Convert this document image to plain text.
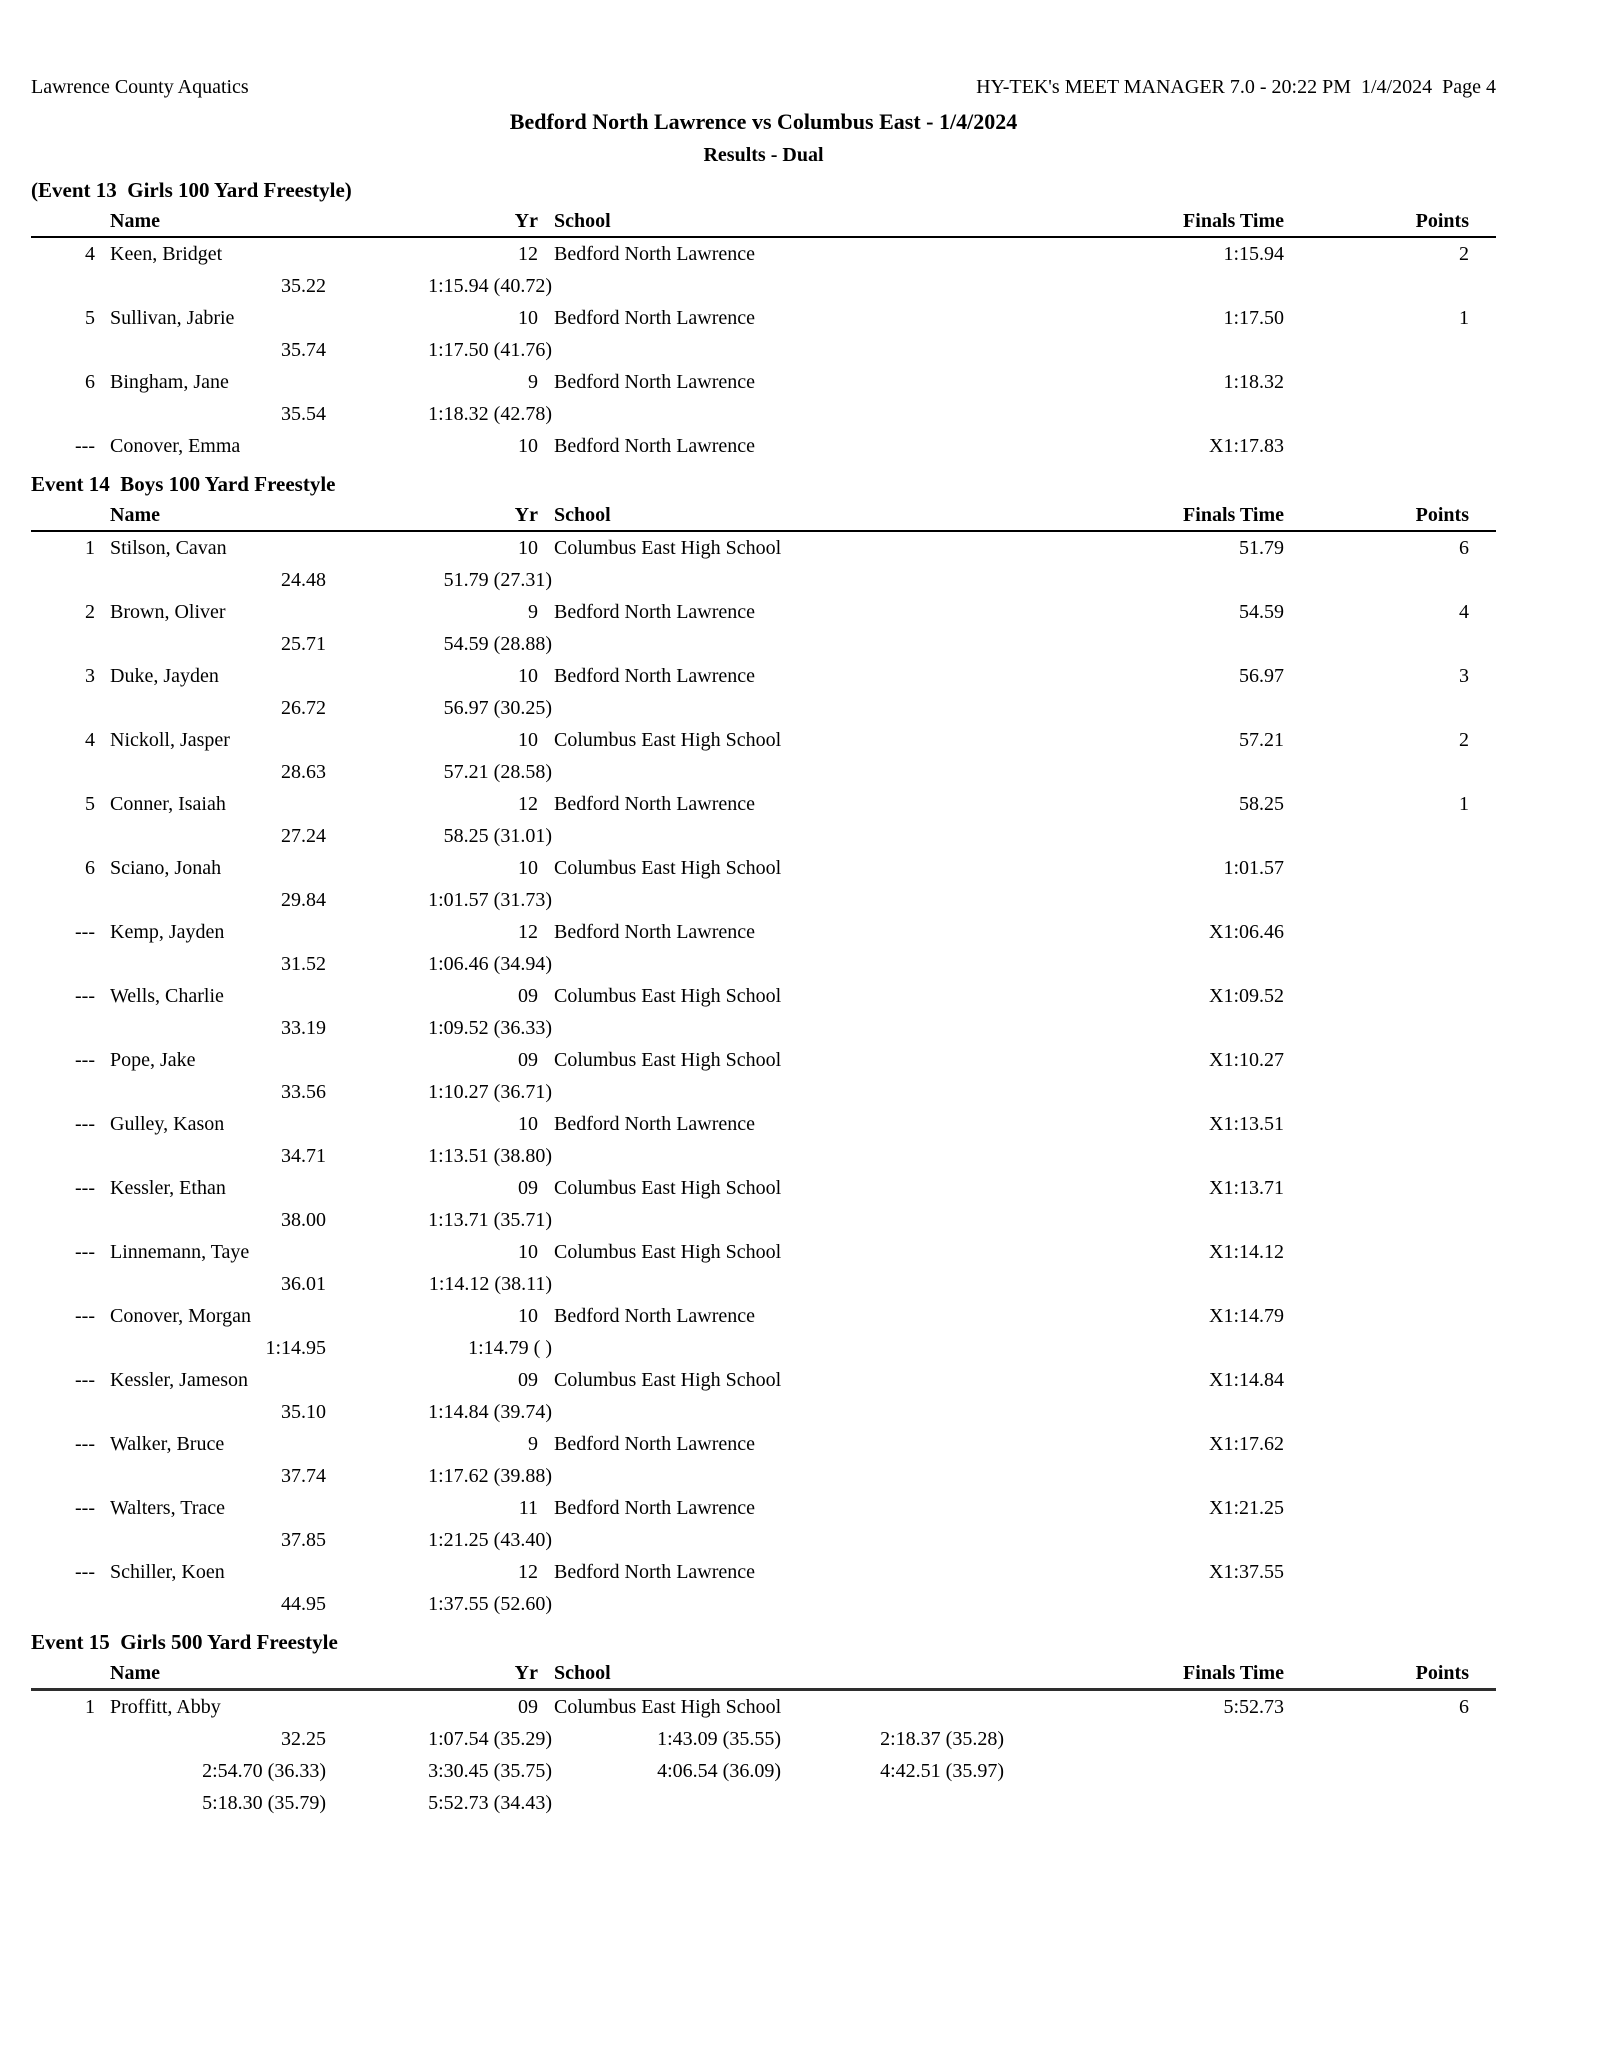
Lawrence County Aquatics	HY-TEK's MEET MANAGER 7.0 - 20:22 PM  1/4/2024  Page 4
Bedford North Lawrence vs Columbus East - 1/4/2024
Results - Dual
(Event 13  Girls 100 Yard Freestyle)
Name	Yr School	Finals Time	Points
4 Keen, Bridget	12 Bedford North Lawrence	1:15.94	2
35.22	1:15.94 (40.72)
5 Sullivan, Jabrie	10 Bedford North Lawrence	1:17.50	1
35.74	1:17.50 (41.76)
6 Bingham, Jane	9 Bedford North Lawrence	1:18.32
35.54	1:18.32 (42.78)
--- Conover, Emma	10 Bedford North Lawrence	X1:17.83
Event 14  Boys 100 Yard Freestyle
Name	Yr School	Finals Time	Points
1 Stilson, Cavan	10 Columbus East High School	51.79	6
24.48	51.79 (27.31)
2 Brown, Oliver	9 Bedford North Lawrence	54.59	4
25.71	54.59 (28.88)
3 Duke, Jayden	10 Bedford North Lawrence	56.97	3
26.72	56.97 (30.25)
4 Nickoll, Jasper	10 Columbus East High School	57.21	2
28.63	57.21 (28.58)
5 Conner, Isaiah	12 Bedford North Lawrence	58.25	1
27.24	58.25 (31.01)
6 Sciano, Jonah	10 Columbus East High School	1:01.57
29.84	1:01.57 (31.73)
--- Kemp, Jayden	12 Bedford North Lawrence	X1:06.46
31.52	1:06.46 (34.94)
--- Wells, Charlie	09 Columbus East High School	X1:09.52
33.19	1:09.52 (36.33)
--- Pope, Jake	09 Columbus East High School	X1:10.27
33.56	1:10.27 (36.71)
--- Gulley, Kason	10 Bedford North Lawrence	X1:13.51
34.71	1:13.51 (38.80)
--- Kessler, Ethan	09 Columbus East High School	X1:13.71
38.00	1:13.71 (35.71)
--- Linnemann, Taye	10 Columbus East High School	X1:14.12
36.01	1:14.12 (38.11)
--- Conover, Morgan	10 Bedford North Lawrence	X1:14.79
1:14.95	1:14.79 ( )
--- Kessler, Jameson	09 Columbus East High School	X1:14.84
35.10	1:14.84 (39.74)
--- Walker, Bruce	9 Bedford North Lawrence	X1:17.62
37.74	1:17.62 (39.88)
--- Walters, Trace	11 Bedford North Lawrence	X1:21.25
37.85	1:21.25 (43.40)
--- Schiller, Koen	12 Bedford North Lawrence	X1:37.55
44.95	1:37.55 (52.60)
Event 15  Girls 500 Yard Freestyle
Name	Yr School	Finals Time	Points
1 Proffitt, Abby	09 Columbus East High School	5:52.73	6
32.25	1:07.54 (35.29)	1:43.09 (35.55)	2:18.37 (35.28)
2:54.70 (36.33)	3:30.45 (35.75)	4:06.54 (36.09)	4:42.51 (35.97)
5:18.30 (35.79)	5:52.73 (34.43)
